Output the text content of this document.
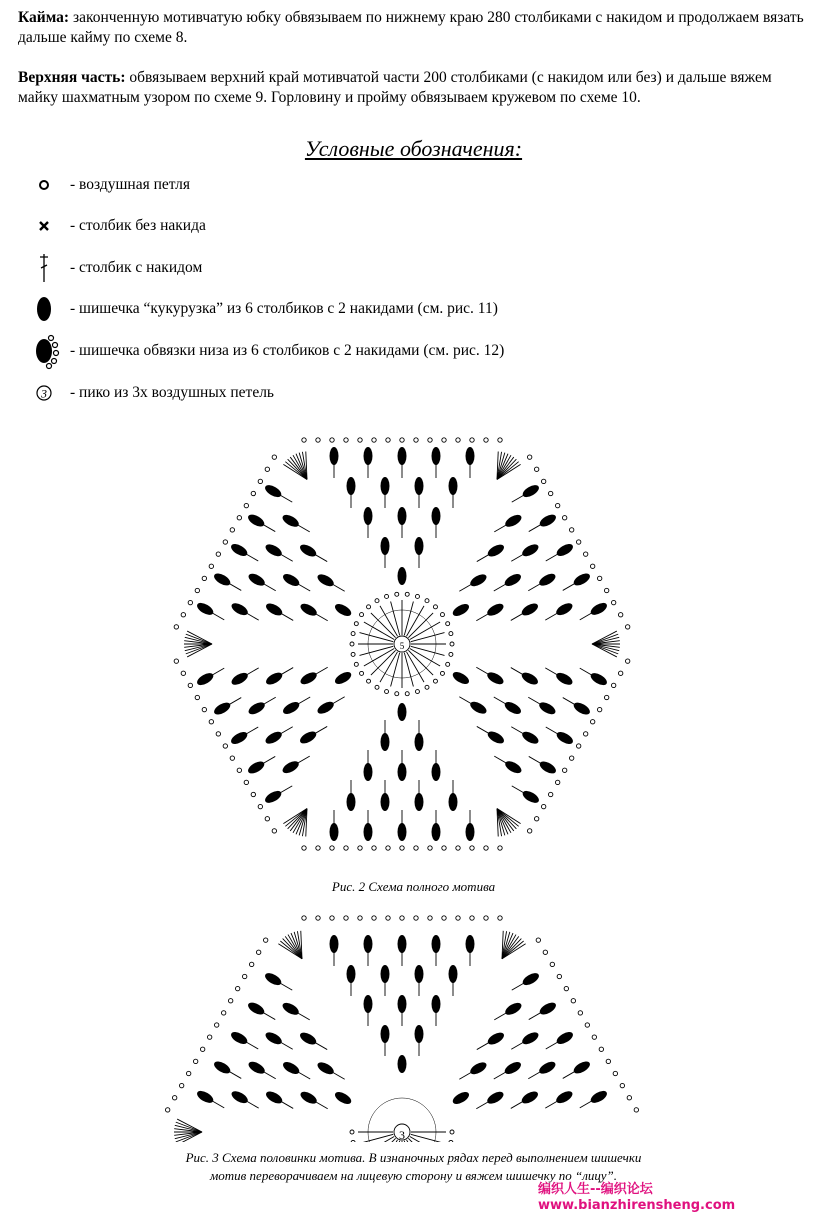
Кайма: законченную мотивчатую юбку обвязываем по нижнему краю 280 столбиками с накидом и продолжаем вязать дальше кайму по схеме 8.
Верхняя часть: обвязываем верхний край мотивчатой части 200 столбиками (с накидом или без) и дальше вяжем майку шахматным узором по схеме 9. Горловину и пройму обвязываем кружевом по схеме 10.
Условные обозначения:
- воздушная петля
- столбик без накида
- столбик с накидом
- шишечка “кукурузка” из 6 столбиков с 2 накидами (см. рис. 11)
- шишечка обвязки низа из 6 столбиков с 2 накидами (см. рис. 12)
3 - пико из 3х воздушных петель
5
Рис. 2 Схема полного мотива
3
Рис. 3 Схема половинки мотива. В изнаночных рядах перед выполнением шишечки
мотив переворачиваем на лицевую сторону и вяжем шишечку по “лицу”.
编织人生--编织论坛
www.bianzhirensheng.com
